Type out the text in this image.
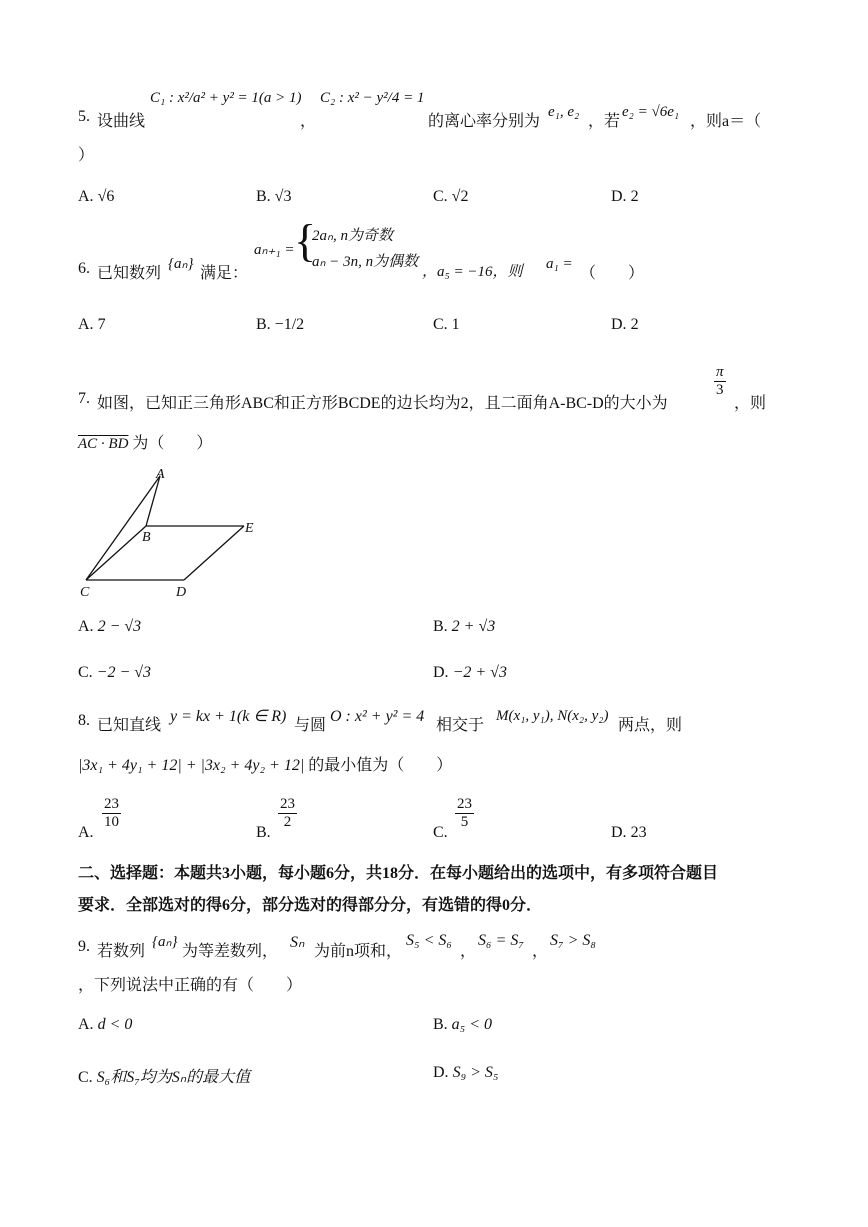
5. 设曲线
C₁ : x²/a² + y² = 1(a > 1)
，
C₂ : x² − y²/4 = 1
的离心率分别为
e₁, e₂
，若
e₂ = √6e₁
，则a＝（
）
A. √6	B. √3	C. √2	D. 2
6. 已知数列
{aₙ}
满足：
aₙ₊₁ = {
2aₙ, n为奇数
aₙ − 3n, n为偶数
，a₅ = −16，则 a₁ =
（　　）
A. 7	B. −1/2	C. 1	D. 2
7. 如图，已知正三角形ABC和正方形BCDE的边长均为2，且二面角A-BC-D的大小为
$\frac{\pi}{3}$
，则
AC · BD 为（　　）
A
B
C	D
E
A. 2 − √3	B. 2 + √3
C. −2 − √3	D. −2 + √3
8. 已知直线
y = kx + 1(k ∈ R)
与圆
O : x² + y² = 4
相交于
M(x₁, y₁), N(x₂, y₂)
两点，则
|3x₁ + 4y₁ + 12| + |3x₂ + 4y₂ + 12| 的最小值为（　　）
A.
$\frac{23}{10}$
B.
$\frac{23}{2}$
C.
$\frac{23}{5}$
D. 23
二、选择题：本题共3小题，每小题6分，共18分．在每小题给出的选项中，有多项符合题目
要求．全部选对的得6分，部分选对的得部分分，有选错的得0分．
9. 若数列
{aₙ}
为等差数列，
Sₙ
为前n项和，
S₅ < S₆
，
S₆ = S₇
，
S₇ > S₈
，下列说法中正确的有（　　）
A. d < 0	B. a₅ < 0
C. S₆和S₇均为Sₙ的最大值	D. S₉ > S₅
